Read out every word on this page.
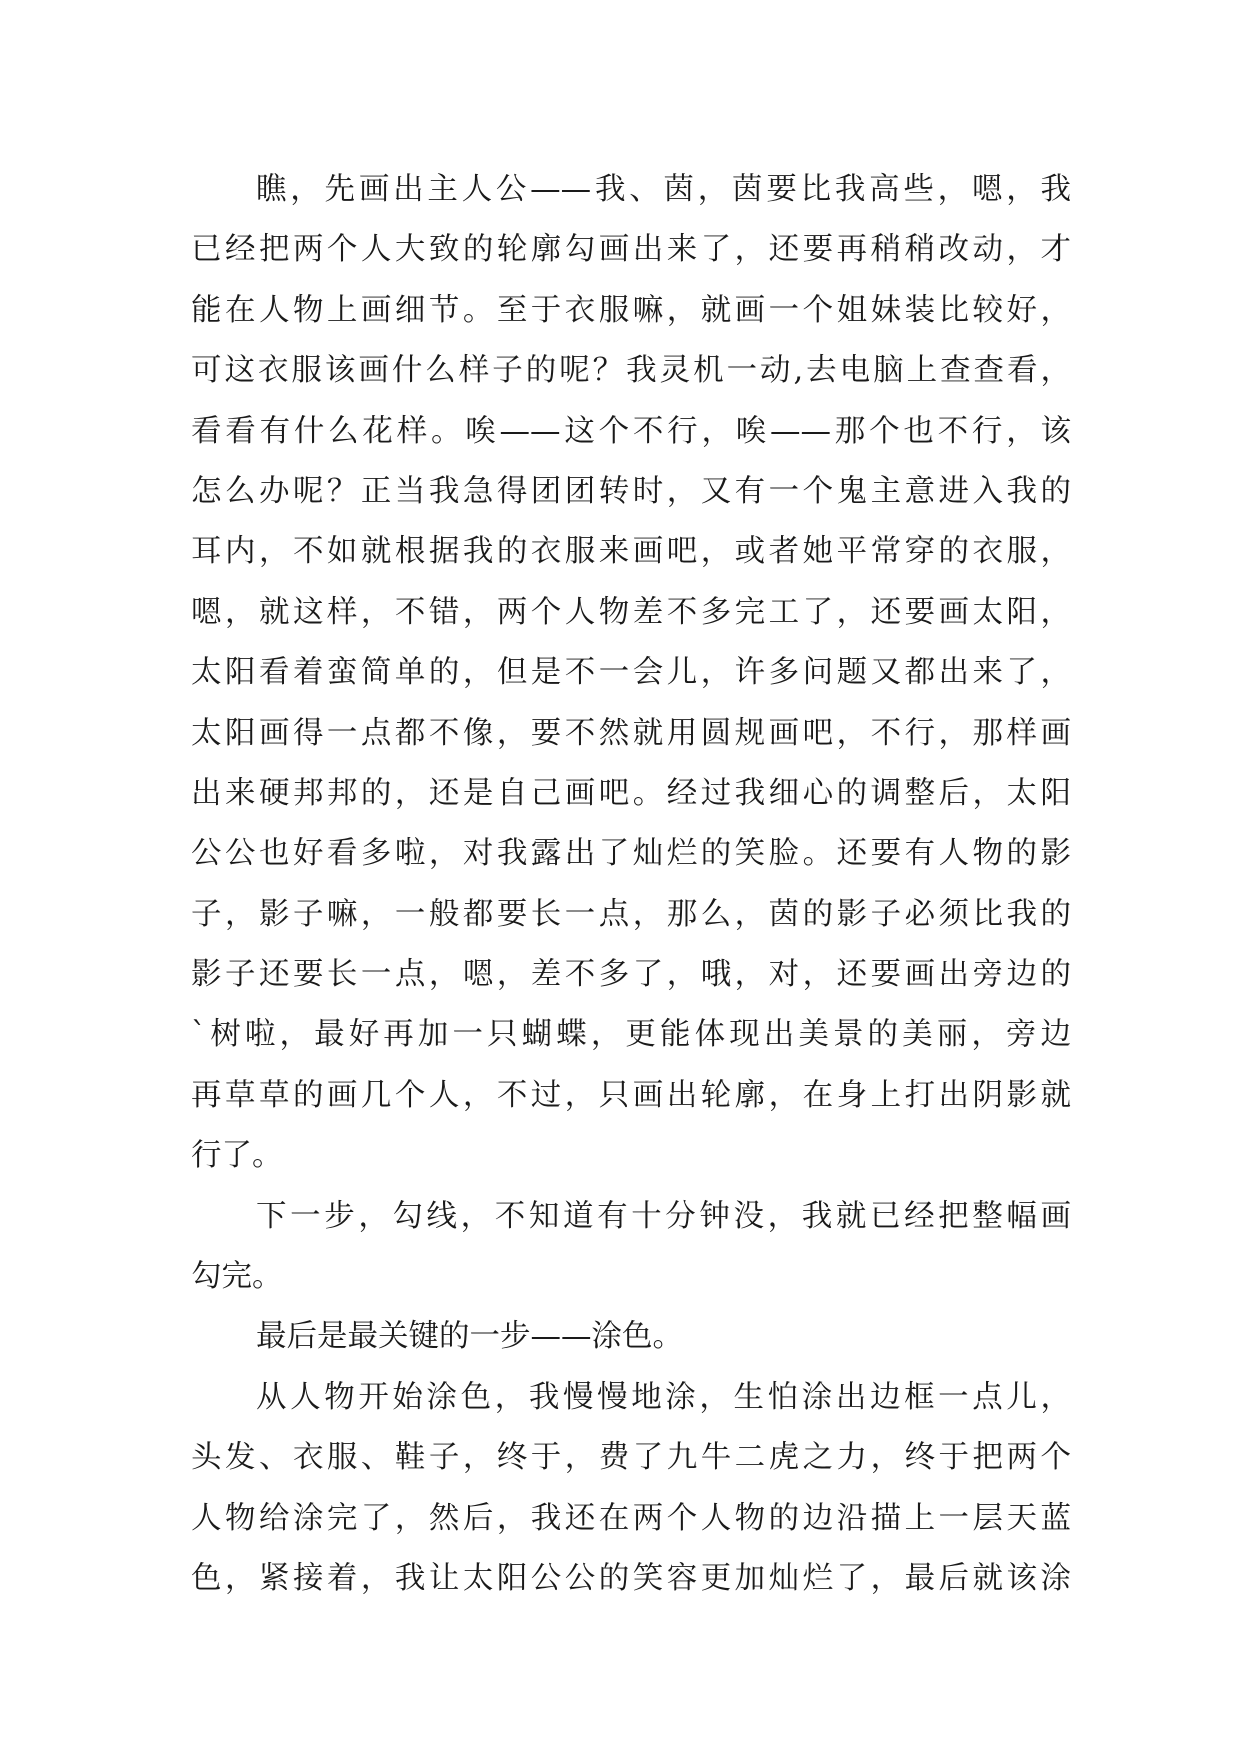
瞧，先画出主人公——我、茵，茵要比我高些，嗯，我
已经把两个人大致的轮廓勾画出来了，还要再稍稍改动，才
能在人物上画细节。至于衣服嘛，就画一个姐妹装比较好，
可这衣服该画什么样子的呢？我灵机一动,去电脑上查查看，
看看有什么花样。唉——这个不行，唉——那个也不行，该
怎么办呢？正当我急得团团转时，又有一个鬼主意进入我的
耳内，不如就根据我的衣服来画吧，或者她平常穿的衣服，
嗯，就这样，不错，两个人物差不多完工了，还要画太阳，
太阳看着蛮简单的，但是不一会儿，许多问题又都出来了，
太阳画得一点都不像，要不然就用圆规画吧，不行，那样画
出来硬邦邦的，还是自己画吧。经过我细心的调整后，太阳
公公也好看多啦，对我露出了灿烂的笑脸。还要有人物的影
子，影子嘛，一般都要长一点，那么，茵的影子必须比我的
影子还要长一点，嗯，差不多了，哦，对，还要画出旁边的
`树啦，最好再加一只蝴蝶，更能体现出美景的美丽，旁边
再草草的画几个人，不过，只画出轮廓，在身上打出阴影就
行了。
下一步，勾线，不知道有十分钟没，我就已经把整幅画
勾完。
最后是最关键的一步——涂色。
从人物开始涂色，我慢慢地涂，生怕涂出边框一点儿，
头发、衣服、鞋子，终于，费了九牛二虎之力，终于把两个
人物给涂完了，然后，我还在两个人物的边沿描上一层天蓝
色，紧接着，我让太阳公公的笑容更加灿烂了，最后就该涂
